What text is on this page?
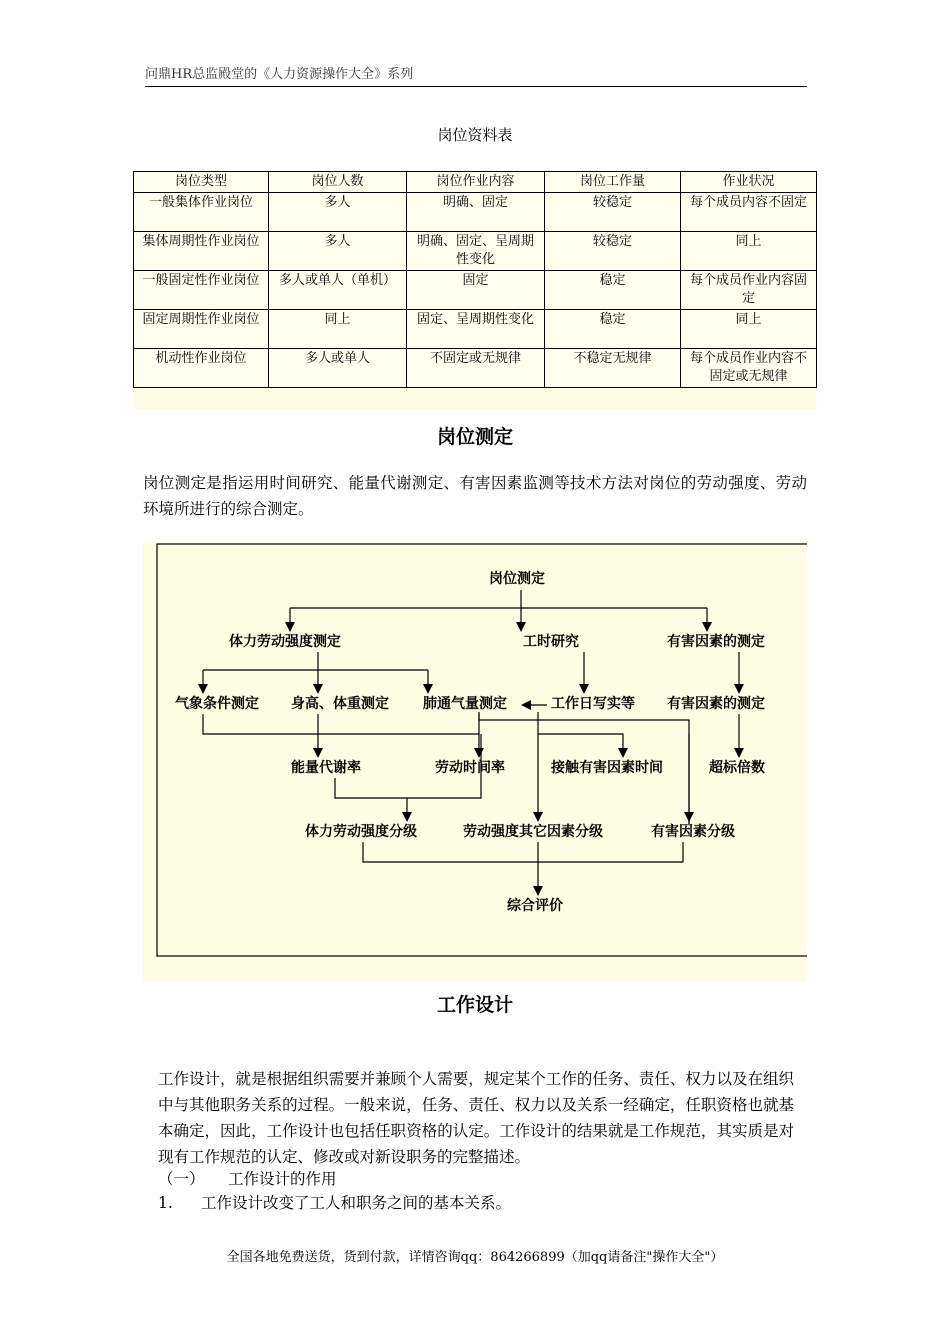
问鼎HR总监殿堂的《人力资源操作大全》系列
岗位资料表
岗位类型	岗位人数	岗位作业内容	岗位工作量	作业状况
一般集体作业岗位	多人	明确、固定	较稳定	每个成员内容不固定
集体周期性作业岗位	多人	明确、固定、呈周期性变化	较稳定	同上
一般固定性作业岗位	多人或单人（单机）	固定	稳定	每个成员作业内容固定
固定周期性作业岗位	同上	固定、呈周期性变化	稳定	同上
机动性作业岗位	多人或单人	不固定或无规律	不稳定无规律	每个成员作业内容不固定或无规律
岗位测定
岗位测定是指运用时间研究、能量代谢测定、有害因素监测等技术方法对岗位的劳动强度、劳动环境所进行的综合测定。
岗位测定
体力劳动强度测定	工时研究	有害因素的测定
气象条件测定 身高、体重测定 肺通气量测定	工作日写实等 有害因素的测定
能量代谢率	劳动时间率	接触有害因素时间	超标倍数
体力劳动强度分级	劳动强度其它因素分级	有害因素分级
综合评价
工作设计
工作设计，就是根据组织需要并兼顾个人需要，规定某个工作的任务、责任、权力以及在组织中与其他职务关系的过程。一般来说，任务、责任、权力以及关系一经确定，任职资格也就基本确定，因此，工作设计也包括任职资格的认定。工作设计的结果就是工作规范，其实质是对现有工作规范的认定、修改或对新设职务的完整描述。
（一）	工作设计的作用
1.	工作设计改变了工人和职务之间的基本关系。
全国各地免费送货，货到付款，详情咨询qq：864266899（加qq请备注"操作大全"）
